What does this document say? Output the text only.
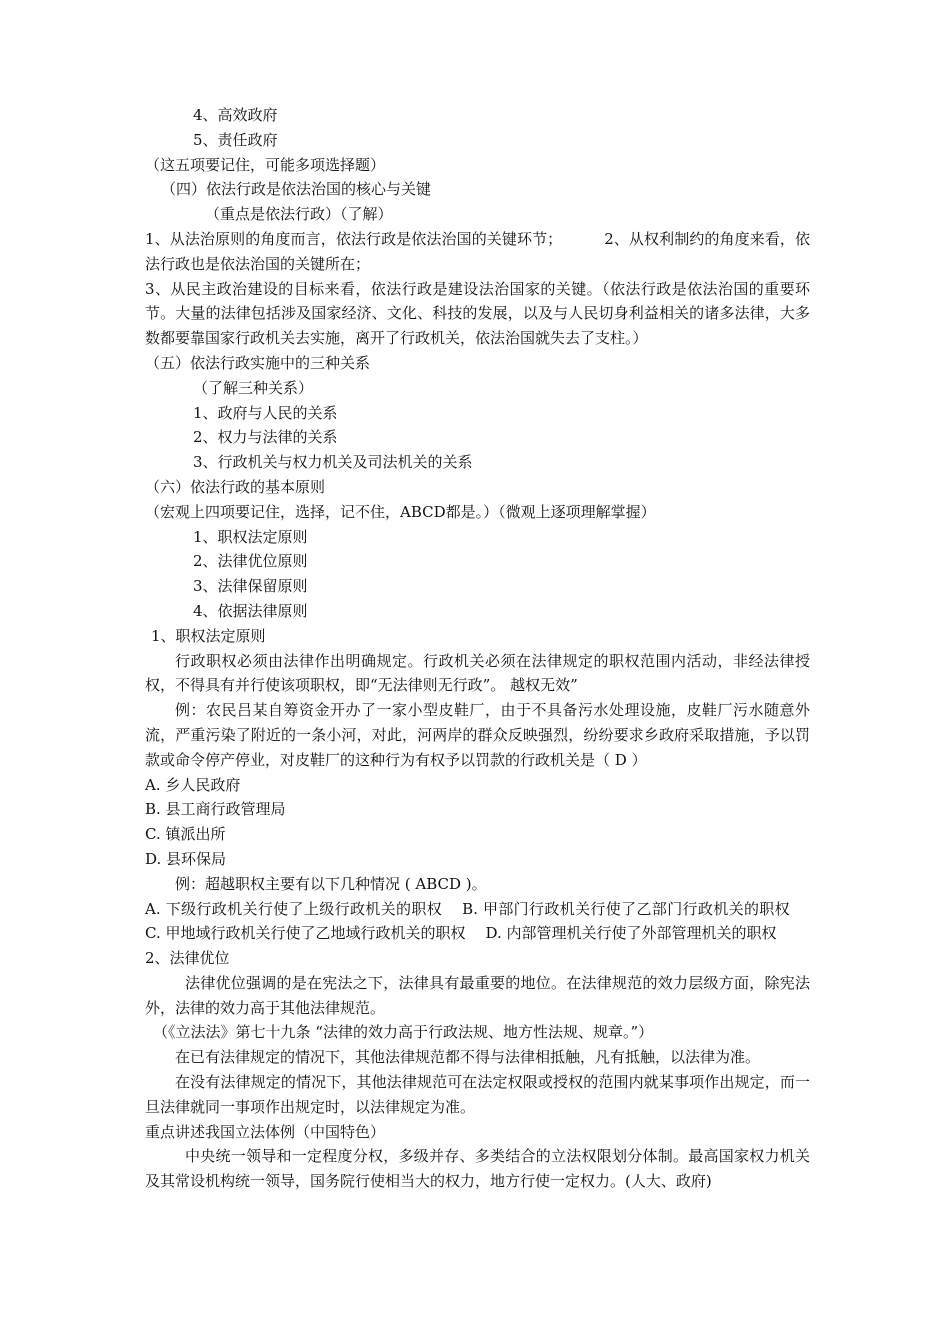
4、高效政府

5、责任政府

（这五项要记住，可能多项选择题）

（四）依法行政是依法治国的核心与关键

（重点是依法行政）（了解）

1、从法治原则的角度而言，依法行政是依法治国的关键环节；	2、从权利制约的角度来看，依法行政也是依法治国的关键所在；

3、从民主政治建设的目标来看，依法行政是建设法治国家的关键。（依法行政是依法治国的重要环节。大量的法律包括涉及国家经济、文化、科技的发展，以及与人民切身利益相关的诸多法律，大多数都要靠国家行政机关去实施，离开了行政机关，依法治国就失去了支柱。）

（五）依法行政实施中的三种关系

（了解三种关系）

1、政府与人民的关系

2、权力与法律的关系

3、行政机关与权力机关及司法机关的关系

（六）依法行政的基本原则

（宏观上四项要记住，选择，记不住，ABCD都是。）（微观上逐项理解掌握）

1、职权法定原则

2、法律优位原则

3、法律保留原则

4、依据法律原则

1、职权法定原则

行政职权必须由法律作出明确规定。行政机关必须在法律规定的职权范围内活动，非经法律授权，不得具有并行使该项职权，即“无法律则无行政”。 越权无效”

例：农民吕某自筹资金开办了一家小型皮鞋厂，由于不具备污水处理设施，皮鞋厂污水随意外流，严重污染了附近的一条小河，对此，河两岸的群众反映强烈，纷纷要求乡政府采取措施，予以罚款或命令停产停业，对皮鞋厂的这种行为有权予以罚款的行政机关是（ D ）

A. 乡人民政府

B. 县工商行政管理局

C. 镇派出所

D. 县环保局

例：超越职权主要有以下几种情况 ( ABCD )。

A. 下级行政机关行使了上级行政机关的职权 B. 甲部门行政机关行使了乙部门行政机关的职权C. 甲地域行政机关行使了乙地域行政机关的职权 D. 内部管理机关行使了外部管理机关的职权

2、法律优位

法律优位强调的是在宪法之下，法律具有最重要的地位。在法律规范的效力层级方面，除宪法外，法律的效力高于其他法律规范。

（《立法法》第七十九条 “法律的效力高于行政法规、地方性法规、规章。”）

在已有法律规定的情况下，其他法律规范都不得与法律相抵触，凡有抵触，以法律为准。

在没有法律规定的情况下，其他法律规范可在法定权限或授权的范围内就某事项作出规定，而一旦法律就同一事项作出规定时，以法律规定为准。

重点讲述我国立法体例（中国特色）

中央统一领导和一定程度分权，多级并存、多类结合的立法权限划分体制。最高国家权力机关及其常设机构统一领导，国务院行使相当大的权力，地方行使一定权力。(人大、政府)
